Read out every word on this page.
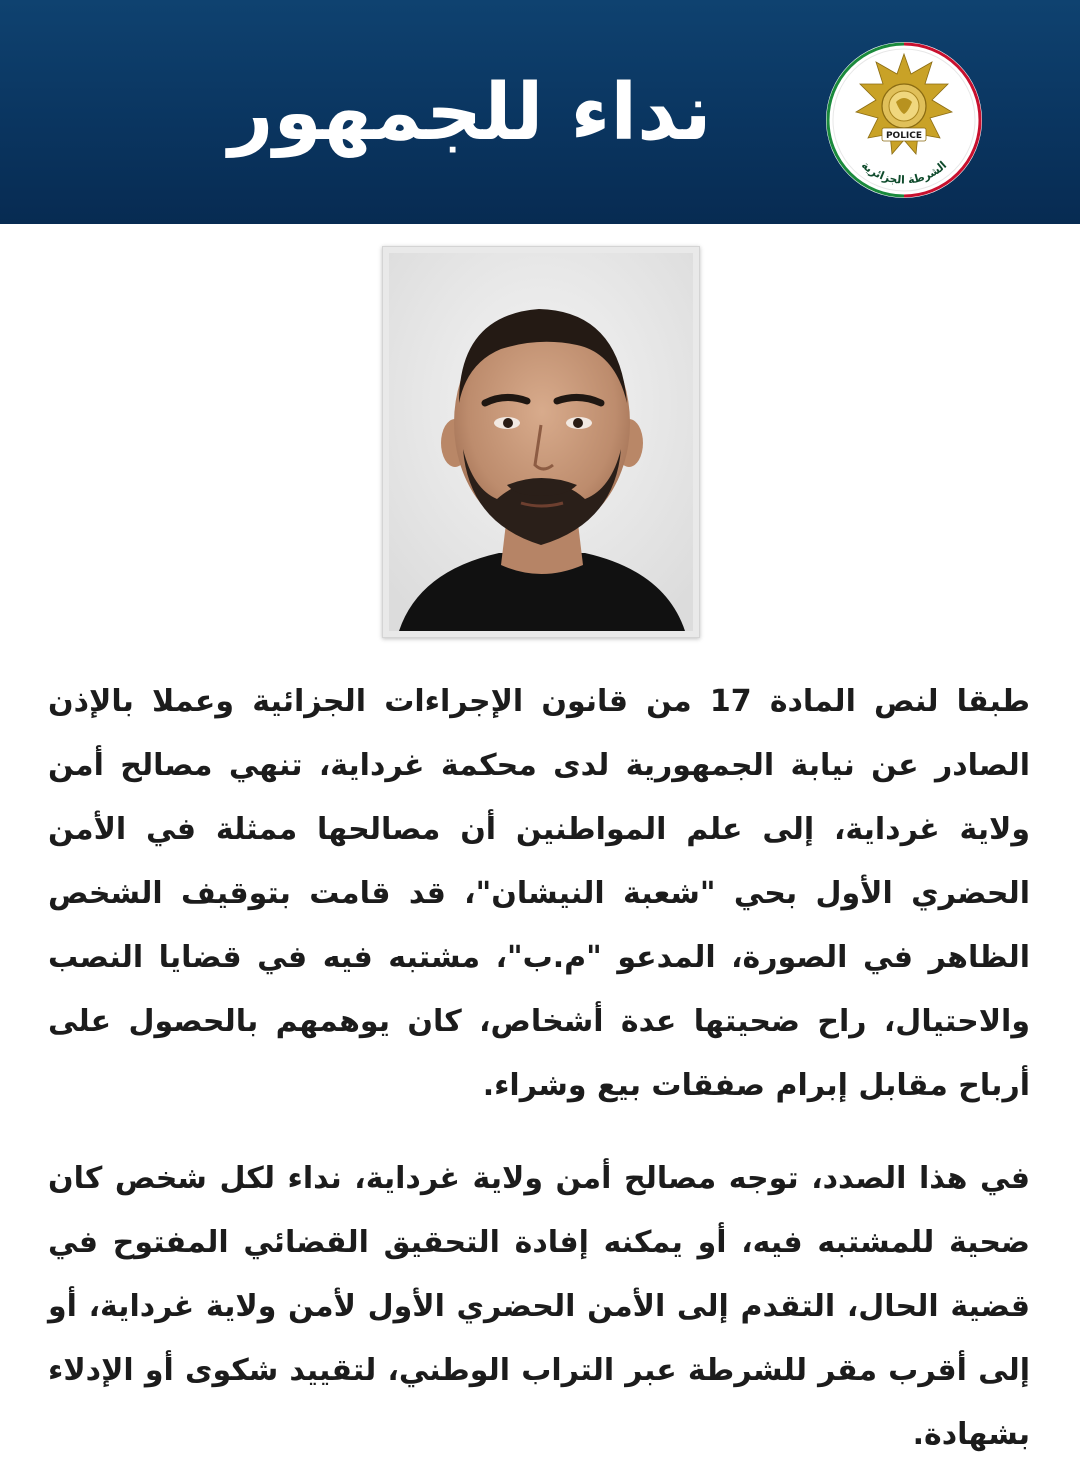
نداء للجمهور	POLICE
الشرطة الجزائرية

طبقا لنص المادة 17 من قانون الإجراءات الجزائية وعملا بالإذن الصادر عن نيابة الجمهورية لدى محكمة غرداية، تنهي مصالح أمن ولاية غرداية، إلى علم المواطنين أن مصالحها ممثلة في الأمن الحضري الأول بحي "شعبة النيشان"، قد قامت بتوقيف الشخص الظاهر في الصورة، المدعو "م.ب"، مشتبه فيه في قضايا النصب والاحتيال، راح ضحيتها عدة أشخاص، كان يوهمهم بالحصول على أرباح مقابل إبرام صفقات بيع وشراء.

في هذا الصدد، توجه مصالح أمن ولاية غرداية، نداء لكل شخص كان ضحية للمشتبه فيه، أو يمكنه إفادة التحقيق القضائي المفتوح في قضية الحال، التقدم إلى الأمن الحضري الأول لأمن ولاية غرداية، أو إلى أقرب مقر للشرطة عبر التراب الوطني، لتقييد شكوى أو الإدلاء بشهادة.
